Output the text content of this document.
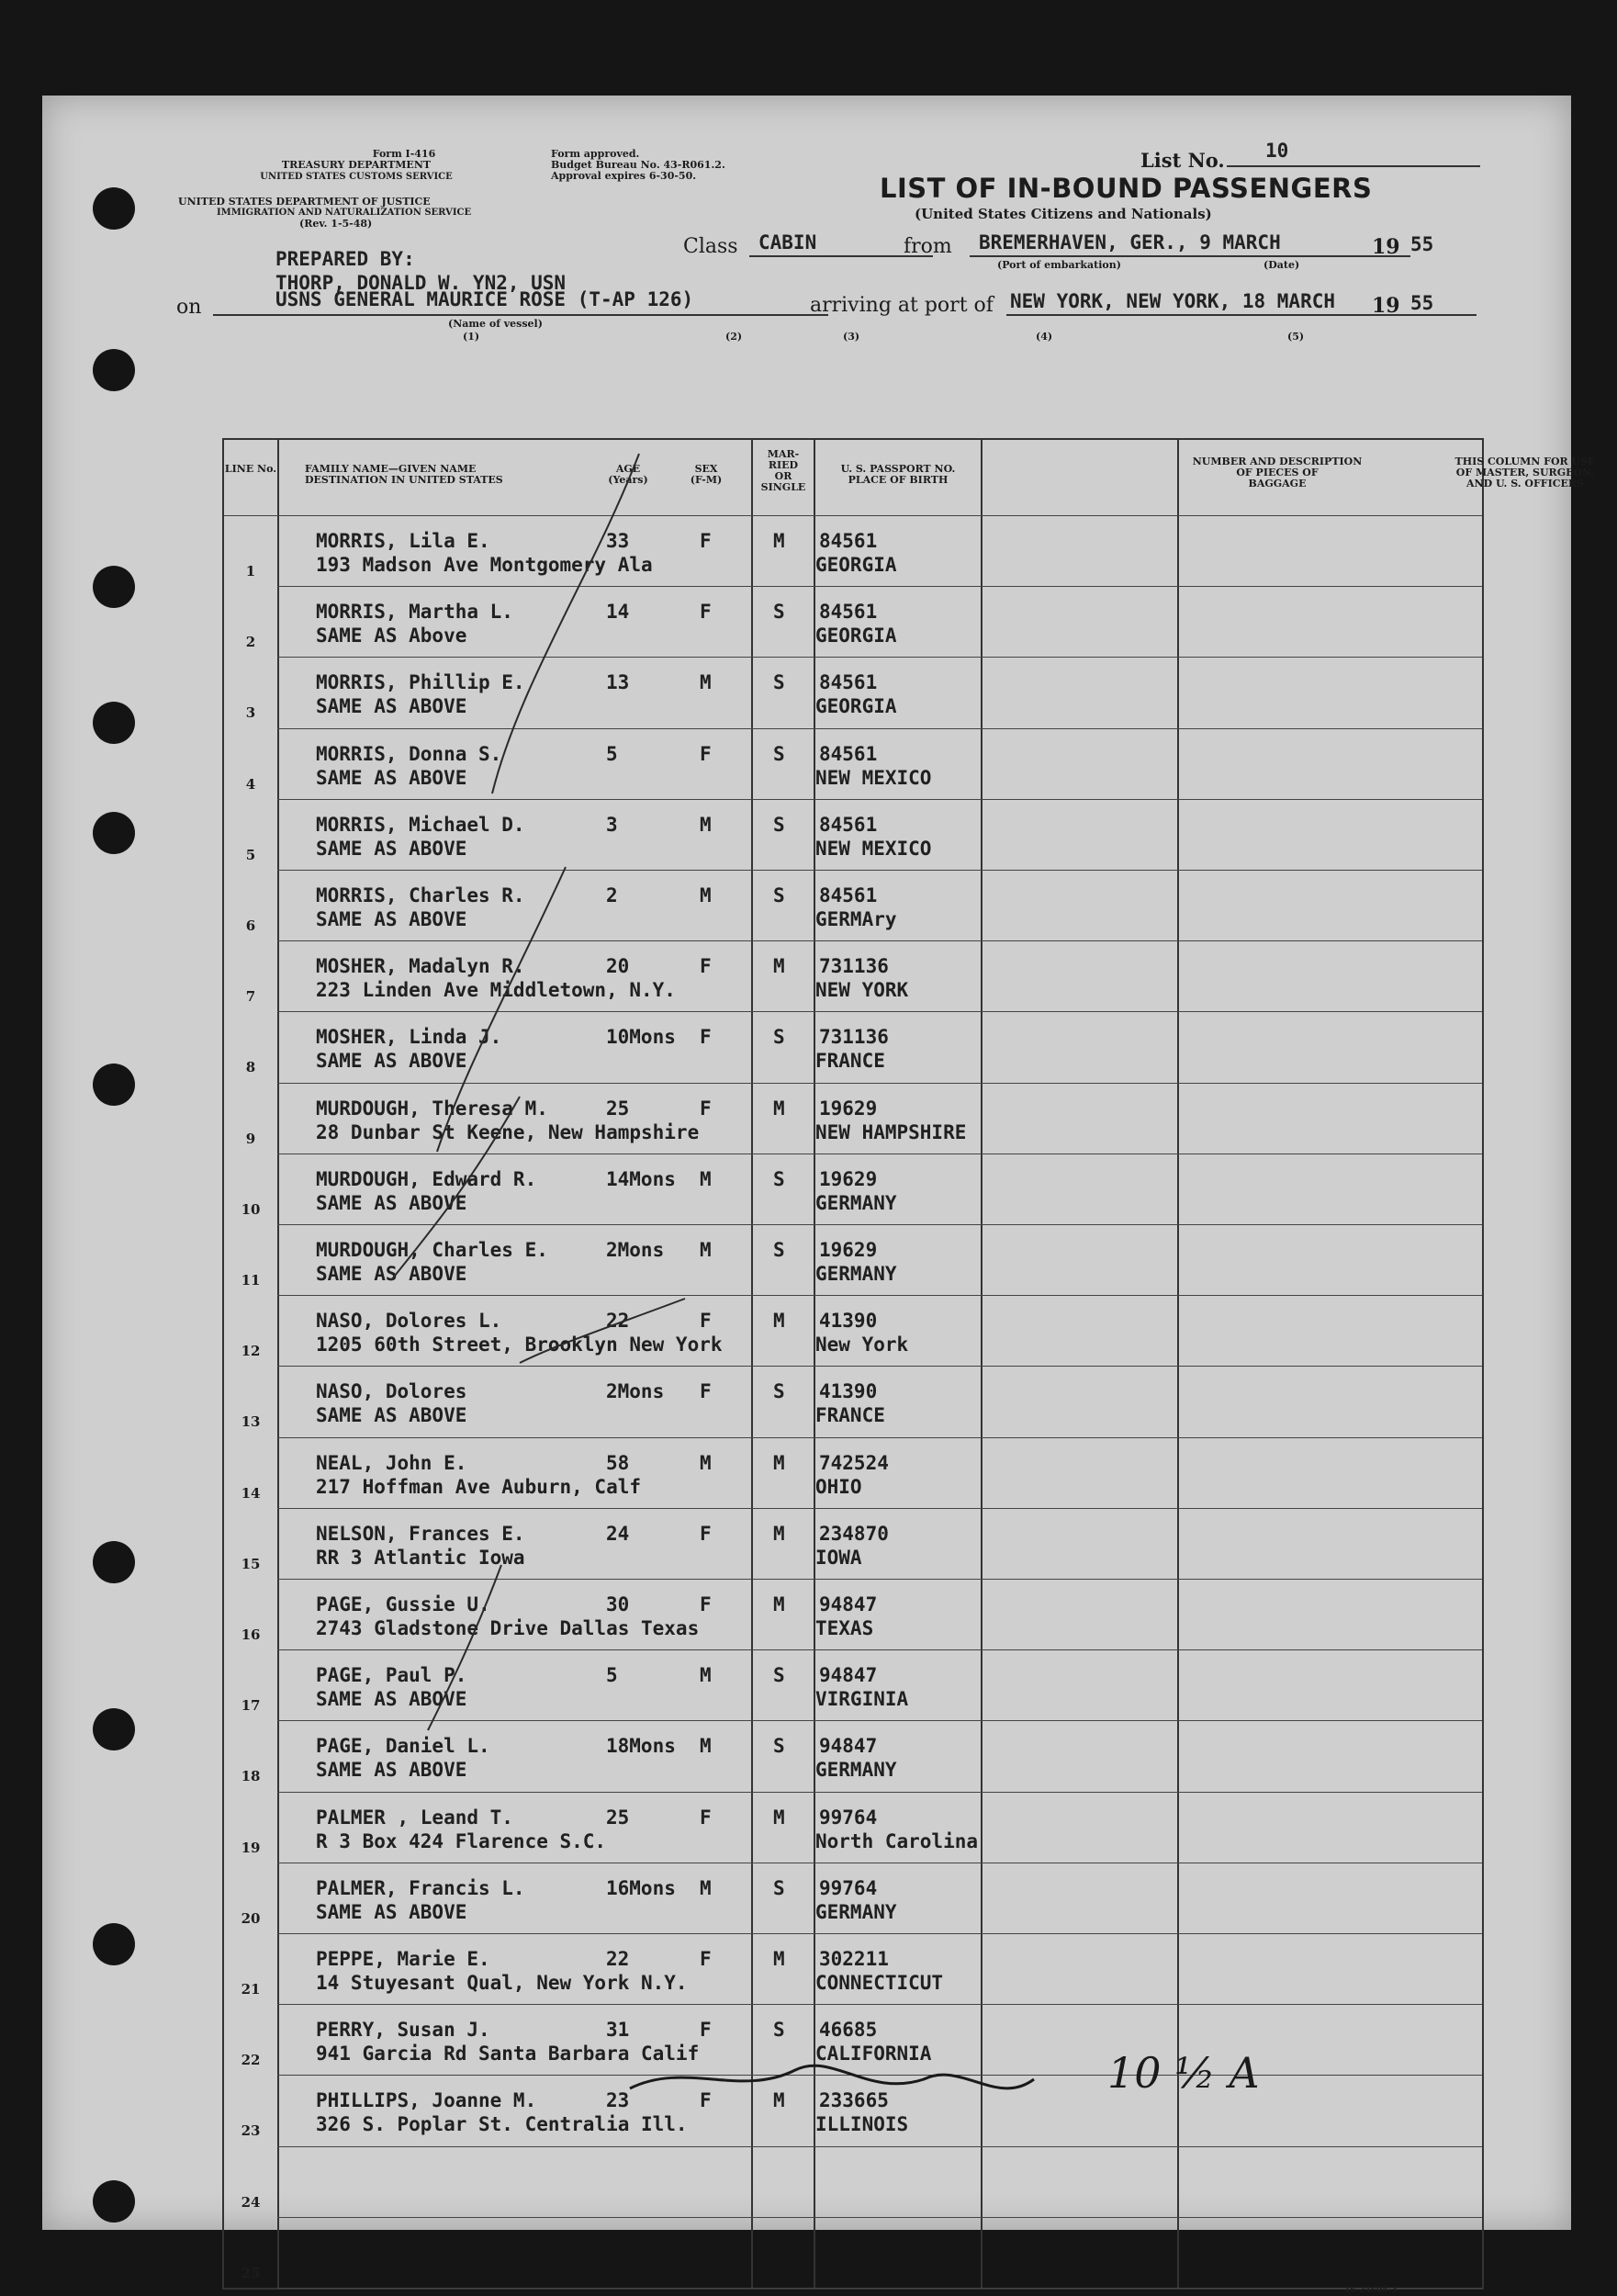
Form I-416
TREASURY DEPARTMENT
UNITED STATES CUSTOMS SERVICE
UNITED STATES DEPARTMENT OF JUSTICE
IMMIGRATION AND NATURALIZATION SERVICE
(Rev. 1-5-48)
Form approved.
Budget Bureau No. 43-R061.2.
Approval expires 6-30-50.
List No. 10
LIST OF IN-BOUND PASSENGERS
(United States Citizens and Nationals)
Class CABIN	from BREMERHAVEN, GER., 9 MARCH	19 55
(Port of embarkation)	(Date)
PREPARED BY:
THORP, DONALD W. YN2, USN
on	USNS GENERAL MAURICE ROSE (T-AP 126)
(Name of vessel)
arriving at port of NEW YORK, NEW YORK, 18 MARCH 19 55
(1)	(2)	(3)	(4)	(5)
LINE No.	FAMILY NAME—GIVEN NAME
DESTINATION IN UNITED STATES
AGE
(Years)
SEX
(F-M)
MAR-
RIED
OR
SINGLE
U. S. PASSPORT NO.
PLACE OF BIRTH
NUMBER AND DESCRIPTION
OF PIECES OF
BAGGAGE
THIS COLUMN FOR USE
OF MASTER, SURGEON,
AND U. S. OFFICERS
1
MORRIS, Lila E.
193 Madson Ave Montgomery Ala
33	F	M 84561
GEORGIA
2
MORRIS, Martha L.
SAME AS Above
14	F	S 84561
GEORGIA
3
MORRIS, Phillip E.
SAME AS ABOVE
13	M	S 84561
GEORGIA
4
MORRIS, Donna S.
SAME AS ABOVE
5	F	S 84561
NEW MEXICO
5
MORRIS, Michael D.
SAME AS ABOVE
3	M	S 84561
NEW MEXICO
6
MORRIS, Charles R.
SAME AS ABOVE
2	M	S 84561
GERMAry
7
MOSHER, Madalyn R.
223 Linden Ave Middletown, N.Y.
20	F	M 731136
NEW YORK
8
MOSHER, Linda J.
SAME AS ABOVE
10Mons F	S 731136
FRANCE
9
MURDOUGH, Theresa M.
28 Dunbar St Keene, New Hampshire
25	F	M 19629
NEW HAMPSHIRE
10
MURDOUGH, Edward R.
SAME AS ABOVE
14Mons M	S 19629
GERMANY
11
MURDOUGH, Charles E.
SAME AS ABOVE
2Mons M	S 19629
GERMANY
12
NASO, Dolores L.
1205 60th Street, Brooklyn New York
22	F	M 41390
New York
13
NASO, Dolores
SAME AS ABOVE
2Mons F	S 41390
FRANCE
14
NEAL, John E.
217 Hoffman Ave Auburn, Calf
58	M	M 742524
OHIO
15
NELSON, Frances E.
RR 3 Atlantic Iowa
24	F	M 234870
IOWA
16
PAGE, Gussie U.
2743 Gladstone Drive Dallas Texas
30	F	M 94847
TEXAS
17
PAGE, Paul P.
SAME AS ABOVE
5	M	S 94847
VIRGINIA
18
PAGE, Daniel L.
SAME AS ABOVE
18Mons M	S 94847
GERMANY
19
PALMER , Leand T.
R 3 Box 424 Flarence S.C.
25	F	M 99764
North Carolina
20
PALMER, Francis L.
SAME AS ABOVE
16Mons M	S 99764
GERMANY
21
PEPPE, Marie E.
14 Stuyesant Qual, New York N.Y.
22	F	M 302211
CONNECTICUT
22
PERRY, Susan J.
941 Garcia Rd Santa Barbara Calif
31	F	S 46685
CALIFORNIA
23
PHILLIPS, Joanne M.
326 S. Poplar St. Centralia Ill.
23	F	M 233665
ILLINOIS
24
25
10 ½ A
16-24605-3
